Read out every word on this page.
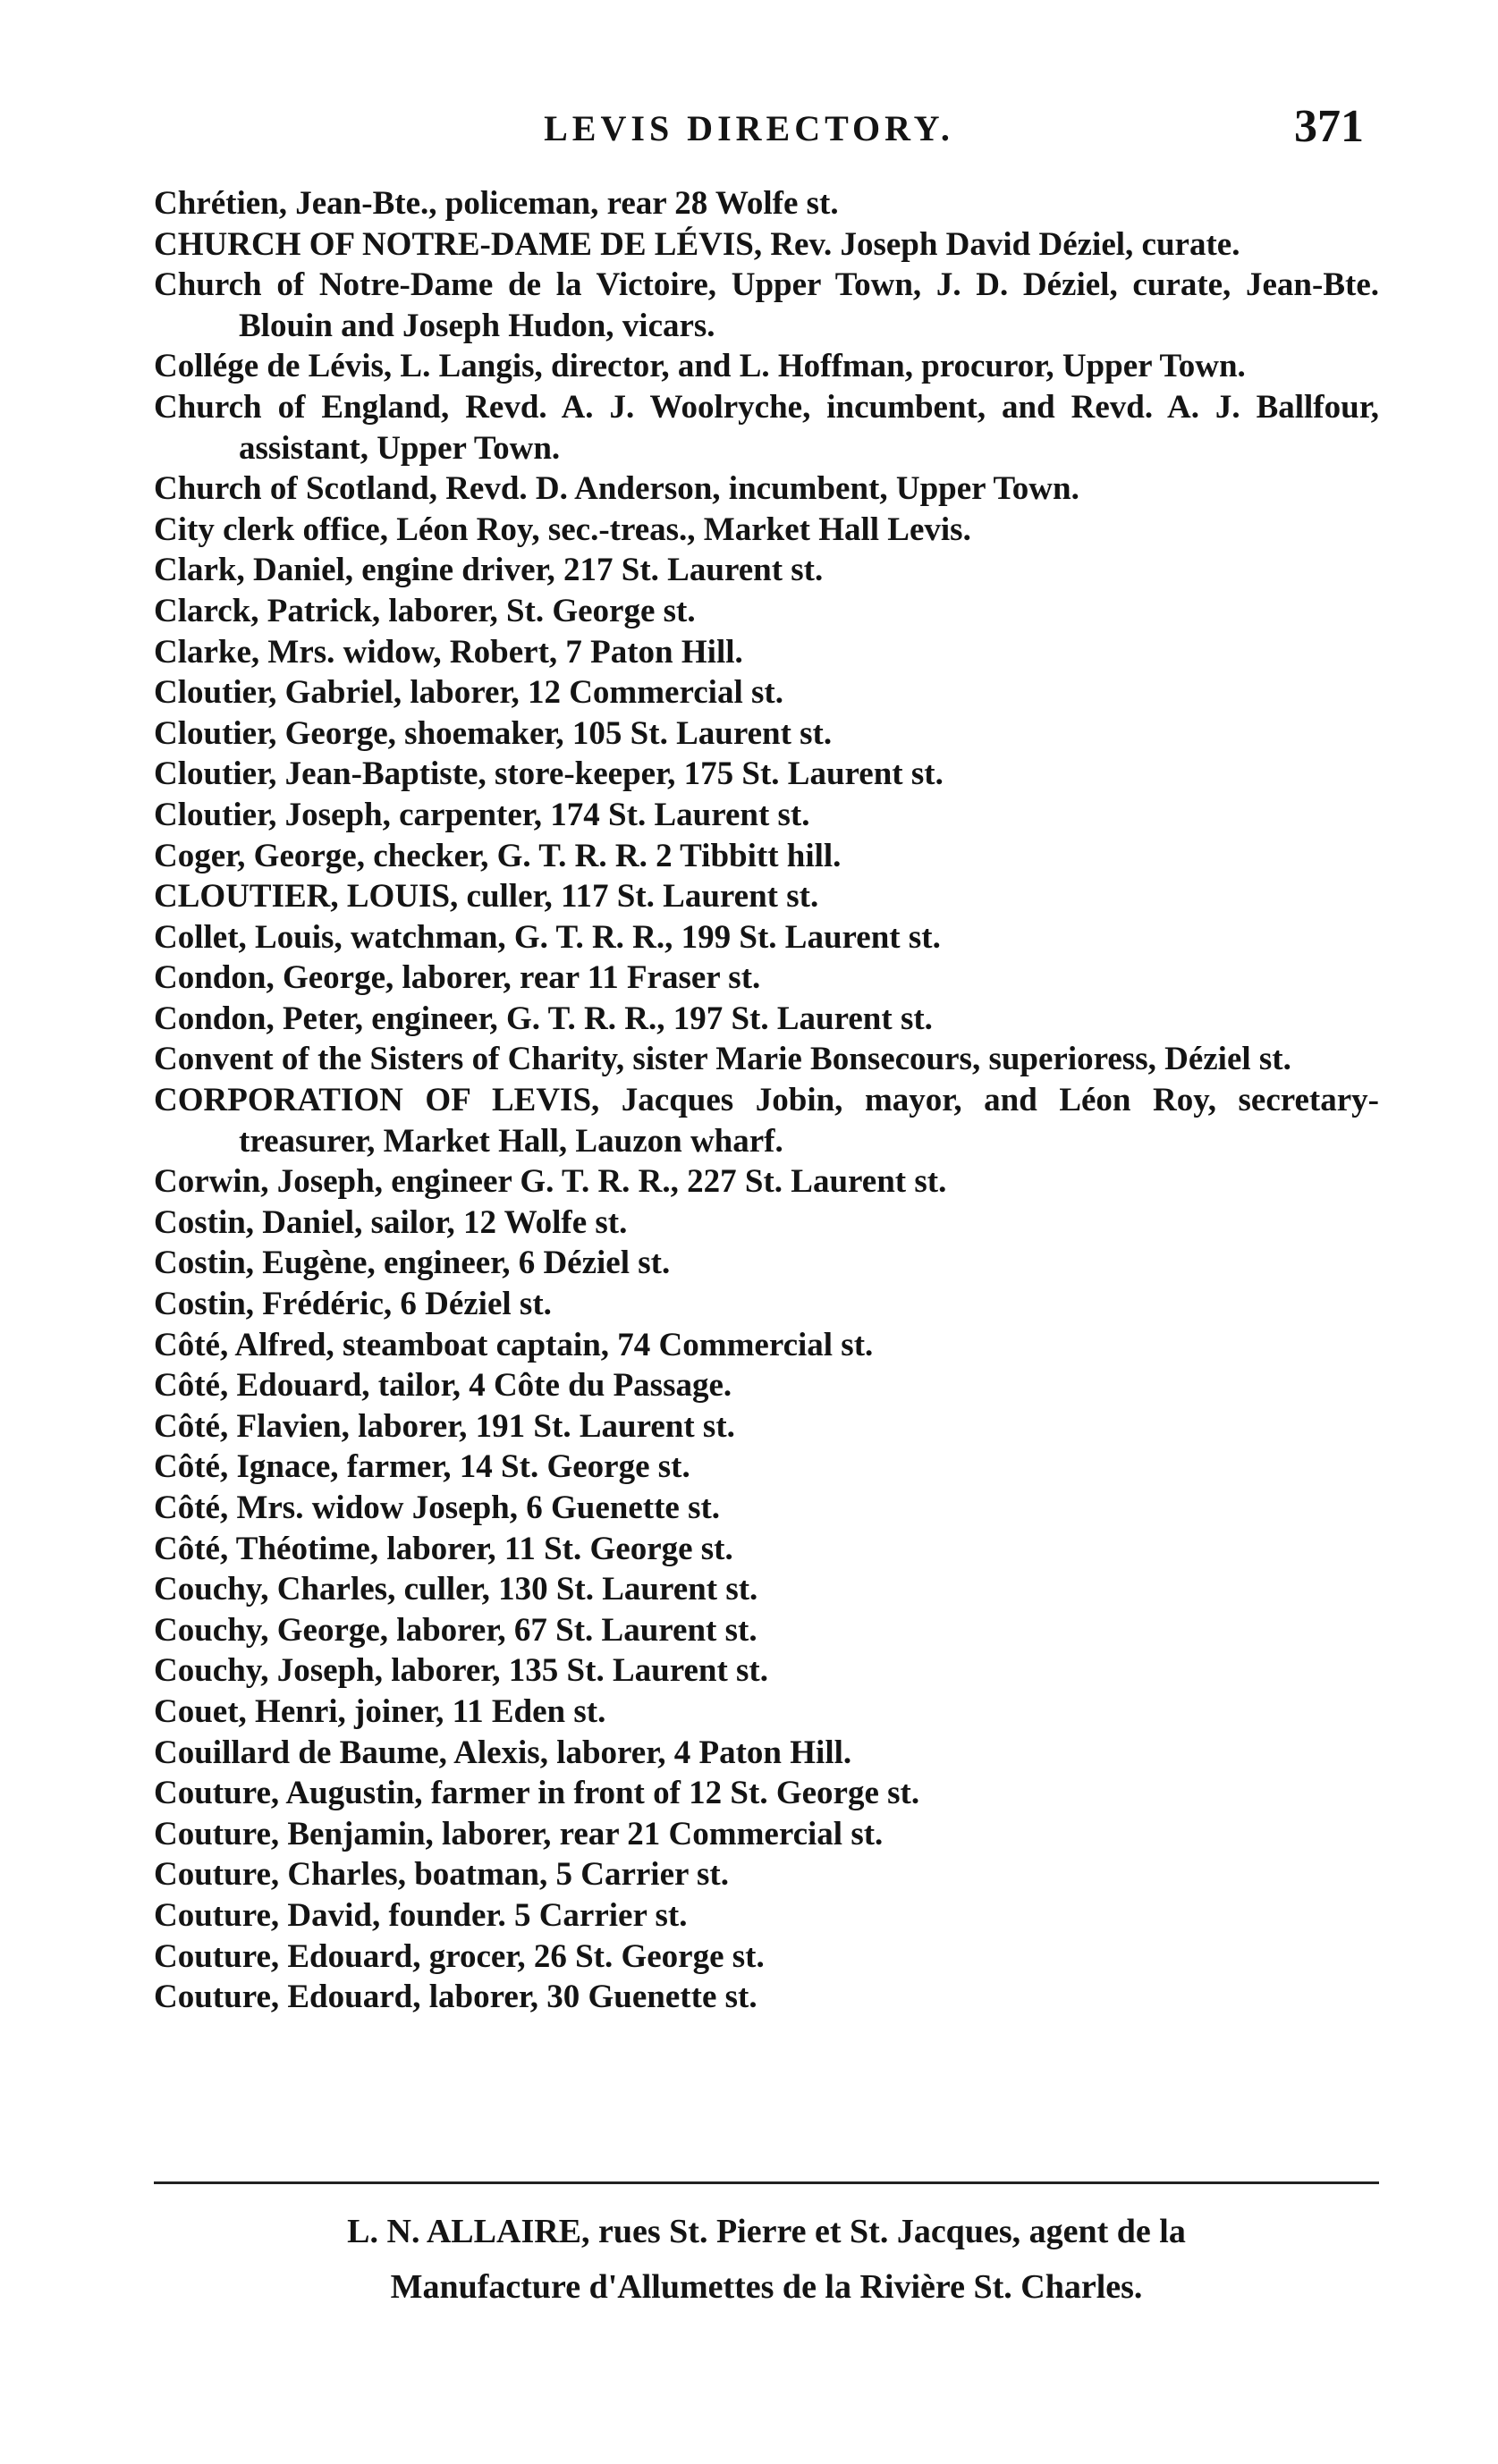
LEVIS DIRECTORY.	371
Chrétien, Jean-Bte., policeman, rear 28 Wolfe st.
CHURCH OF NOTRE-DAME DE LÉVIS, Rev. Joseph David Déziel, curate.
Church of Notre-Dame de la Victoire, Upper Town, J. D. Déziel, curate, Jean-Bte. Blouin and Joseph Hudon, vicars.
Collége de Lévis, L. Langis, director, and L. Hoffman, procuror, Upper Town.
Church of England, Revd. A. J. Woolryche, incumbent, and Revd. A. J. Ballfour, assistant, Upper Town.
Church of Scotland, Revd. D. Anderson, incumbent, Upper Town.
City clerk office, Léon Roy, sec.-treas., Market Hall Levis.
Clark, Daniel, engine driver, 217 St. Laurent st.
Clarck, Patrick, laborer, St. George st.
Clarke, Mrs. widow, Robert, 7 Paton Hill.
Cloutier, Gabriel, laborer, 12 Commercial st.
Cloutier, George, shoemaker, 105 St. Laurent st.
Cloutier, Jean-Baptiste, store-keeper, 175 St. Laurent st.
Cloutier, Joseph, carpenter, 174 St. Laurent st.
Coger, George, checker, G. T. R. R. 2 Tibbitt hill.
CLOUTIER, LOUIS, culler, 117 St. Laurent st.
Collet, Louis, watchman, G. T. R. R., 199 St. Laurent st.
Condon, George, laborer, rear 11 Fraser st.
Condon, Peter, engineer, G. T. R. R., 197 St. Laurent st.
Convent of the Sisters of Charity, sister Marie Bonsecours, superioress, Déziel st.
CORPORATION OF LEVIS, Jacques Jobin, mayor, and Léon Roy, secretary-treasurer, Market Hall, Lauzon wharf.
Corwin, Joseph, engineer G. T. R. R., 227 St. Laurent st.
Costin, Daniel, sailor, 12 Wolfe st.
Costin, Eugène, engineer, 6 Déziel st.
Costin, Frédéric, 6 Déziel st.
Côté, Alfred, steamboat captain, 74 Commercial st.
Côté, Edouard, tailor, 4 Côte du Passage.
Côté, Flavien, laborer, 191 St. Laurent st.
Côté, Ignace, farmer, 14 St. George st.
Côté, Mrs. widow Joseph, 6 Guenette st.
Côté, Théotime, laborer, 11 St. George st.
Couchy, Charles, culler, 130 St. Laurent st.
Couchy, George, laborer, 67 St. Laurent st.
Couchy, Joseph, laborer, 135 St. Laurent st.
Couet, Henri, joiner, 11 Eden st.
Couillard de Baume, Alexis, laborer, 4 Paton Hill.
Couture, Augustin, farmer in front of 12 St. George st.
Couture, Benjamin, laborer, rear 21 Commercial st.
Couture, Charles, boatman, 5 Carrier st.
Couture, David, founder. 5 Carrier st.
Couture, Edouard, grocer, 26 St. George st.
Couture, Edouard, laborer, 30 Guenette st.
L. N. ALLAIRE, rues St. Pierre et St. Jacques, agent de la
Manufacture d'Allumettes de la Rivière St. Charles.
